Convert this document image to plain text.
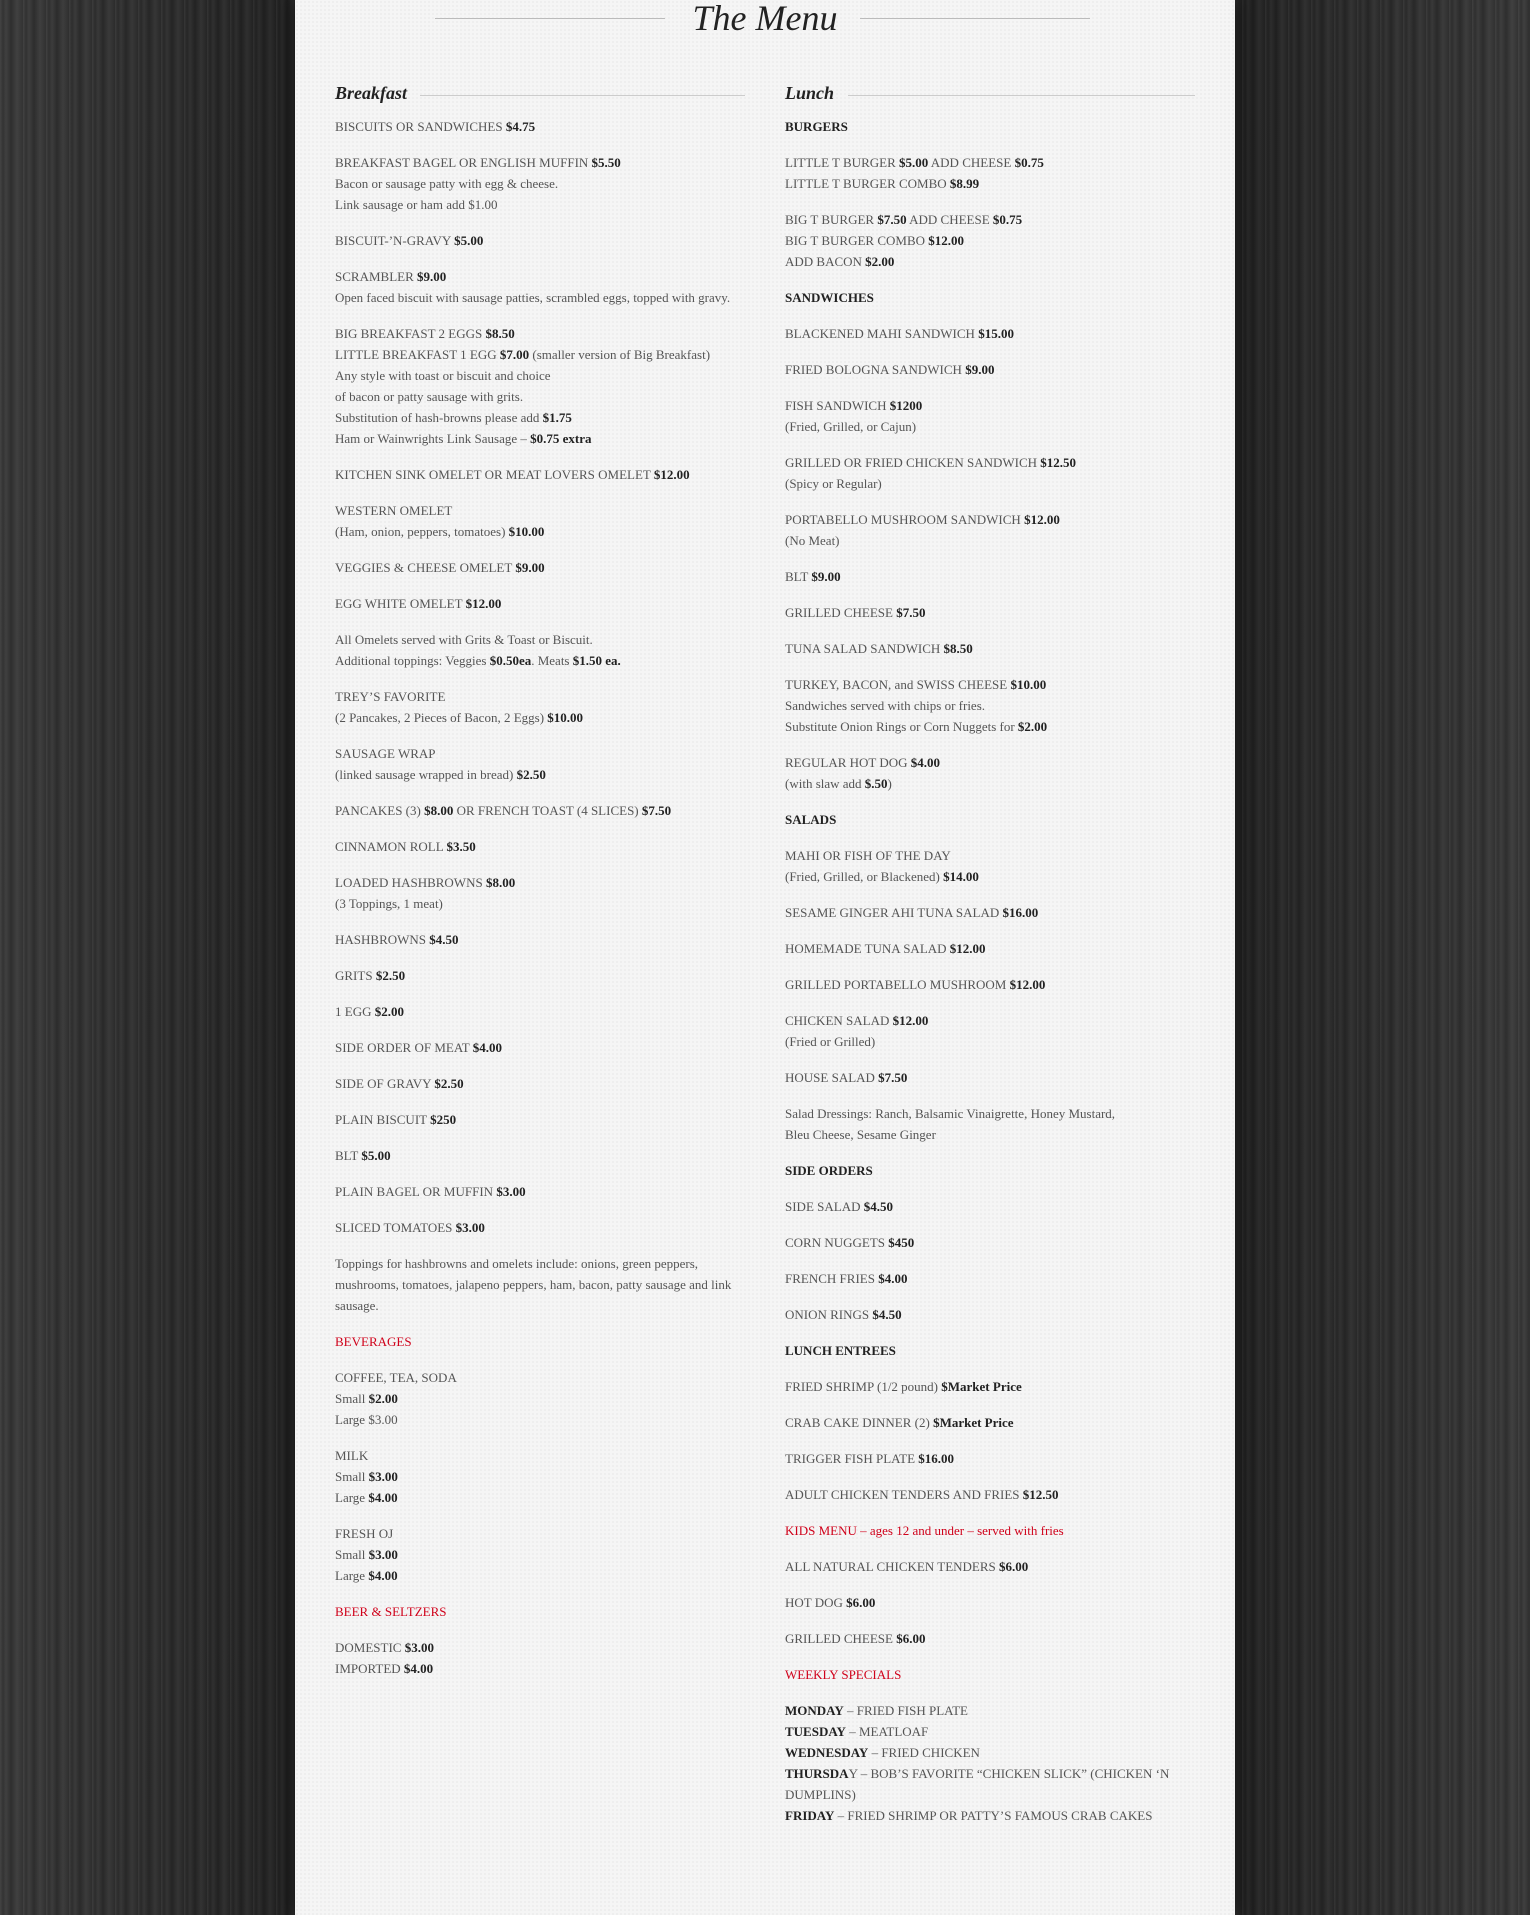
The Menu
Breakfast
BISCUITS OR SANDWICHES $4.75
BREAKFAST BAGEL OR ENGLISH MUFFIN $5.50
Bacon or sausage patty with egg & cheese.
Link sausage or ham add $1.00
BISCUIT-’N-GRAVY $5.00
SCRAMBLER $9.00
Open faced biscuit with sausage patties, scrambled eggs, topped with gravy.
BIG BREAKFAST 2 EGGS $8.50
LITTLE BREAKFAST 1 EGG $7.00 (smaller version of Big Breakfast)
Any style with toast or biscuit and choice
of bacon or patty sausage with grits.
Substitution of hash-browns please add $1.75
Ham or Wainwrights Link Sausage – $0.75 extra
KITCHEN SINK OMELET OR MEAT LOVERS OMELET $12.00
WESTERN OMELET
(Ham, onion, peppers, tomatoes) $10.00
VEGGIES & CHEESE OMELET $9.00
EGG WHITE OMELET $12.00
All Omelets served with Grits & Toast or Biscuit.
Additional toppings: Veggies $0.50ea. Meats $1.50 ea.
TREY’S FAVORITE
(2 Pancakes, 2 Pieces of Bacon, 2 Eggs) $10.00
SAUSAGE WRAP
(linked sausage wrapped in bread) $2.50
PANCAKES (3) $8.00 OR FRENCH TOAST (4 SLICES) $7.50
CINNAMON ROLL $3.50
LOADED HASHBROWNS $8.00
(3 Toppings, 1 meat)
HASHBROWNS $4.50
GRITS $2.50
1 EGG $2.00
SIDE ORDER OF MEAT $4.00
SIDE OF GRAVY $2.50
PLAIN BISCUIT $250
BLT $5.00
PLAIN BAGEL OR MUFFIN $3.00
SLICED TOMATOES $3.00
Toppings for hashbrowns and omelets include: onions, green peppers, mushrooms, tomatoes, jalapeno peppers, ham, bacon, patty sausage and link sausage.
BEVERAGES
COFFEE, TEA, SODA
Small $2.00
Large $3.00
MILK
Small $3.00
Large $4.00
FRESH OJ
Small $3.00
Large $4.00
BEER & SELTZERS
DOMESTIC $3.00
IMPORTED $4.00
Lunch
BURGERS
LITTLE T BURGER $5.00 ADD CHEESE $0.75
LITTLE T BURGER COMBO $8.99
BIG T BURGER $7.50 ADD CHEESE $0.75
BIG T BURGER COMBO $12.00
ADD BACON $2.00
SANDWICHES
BLACKENED MAHI SANDWICH $15.00
FRIED BOLOGNA SANDWICH $9.00
FISH SANDWICH $1200
(Fried, Grilled, or Cajun)
GRILLED OR FRIED CHICKEN SANDWICH $12.50
(Spicy or Regular)
PORTABELLO MUSHROOM SANDWICH $12.00
(No Meat)
BLT $9.00
GRILLED CHEESE $7.50
TUNA SALAD SANDWICH $8.50
TURKEY, BACON, and SWISS CHEESE $10.00
Sandwiches served with chips or fries.
Substitute Onion Rings or Corn Nuggets for $2.00
REGULAR HOT DOG $4.00
(with slaw add $.50)
SALADS
MAHI OR FISH OF THE DAY
(Fried, Grilled, or Blackened) $14.00
SESAME GINGER AHI TUNA SALAD $16.00
HOMEMADE TUNA SALAD $12.00
GRILLED PORTABELLO MUSHROOM $12.00
CHICKEN SALAD $12.00
(Fried or Grilled)
HOUSE SALAD $7.50
Salad Dressings: Ranch, Balsamic Vinaigrette, Honey Mustard,
Bleu Cheese, Sesame Ginger
SIDE ORDERS
SIDE SALAD $4.50
CORN NUGGETS $450
FRENCH FRIES $4.00
ONION RINGS $4.50
LUNCH ENTREES
FRIED SHRIMP (1/2 pound) $Market Price
CRAB CAKE DINNER (2) $Market Price
TRIGGER FISH PLATE $16.00
ADULT CHICKEN TENDERS AND FRIES $12.50
KIDS MENU – ages 12 and under – served with fries
ALL NATURAL CHICKEN TENDERS $6.00
HOT DOG $6.00
GRILLED CHEESE $6.00
WEEKLY SPECIALS
MONDAY – FRIED FISH PLATE
TUESDAY – MEATLOAF
WEDNESDAY – FRIED CHICKEN
THURSDAY – BOB’S FAVORITE “CHICKEN SLICK” (CHICKEN ‘N DUMPLINS)
FRIDAY – FRIED SHRIMP OR PATTY’S FAMOUS CRAB CAKES
